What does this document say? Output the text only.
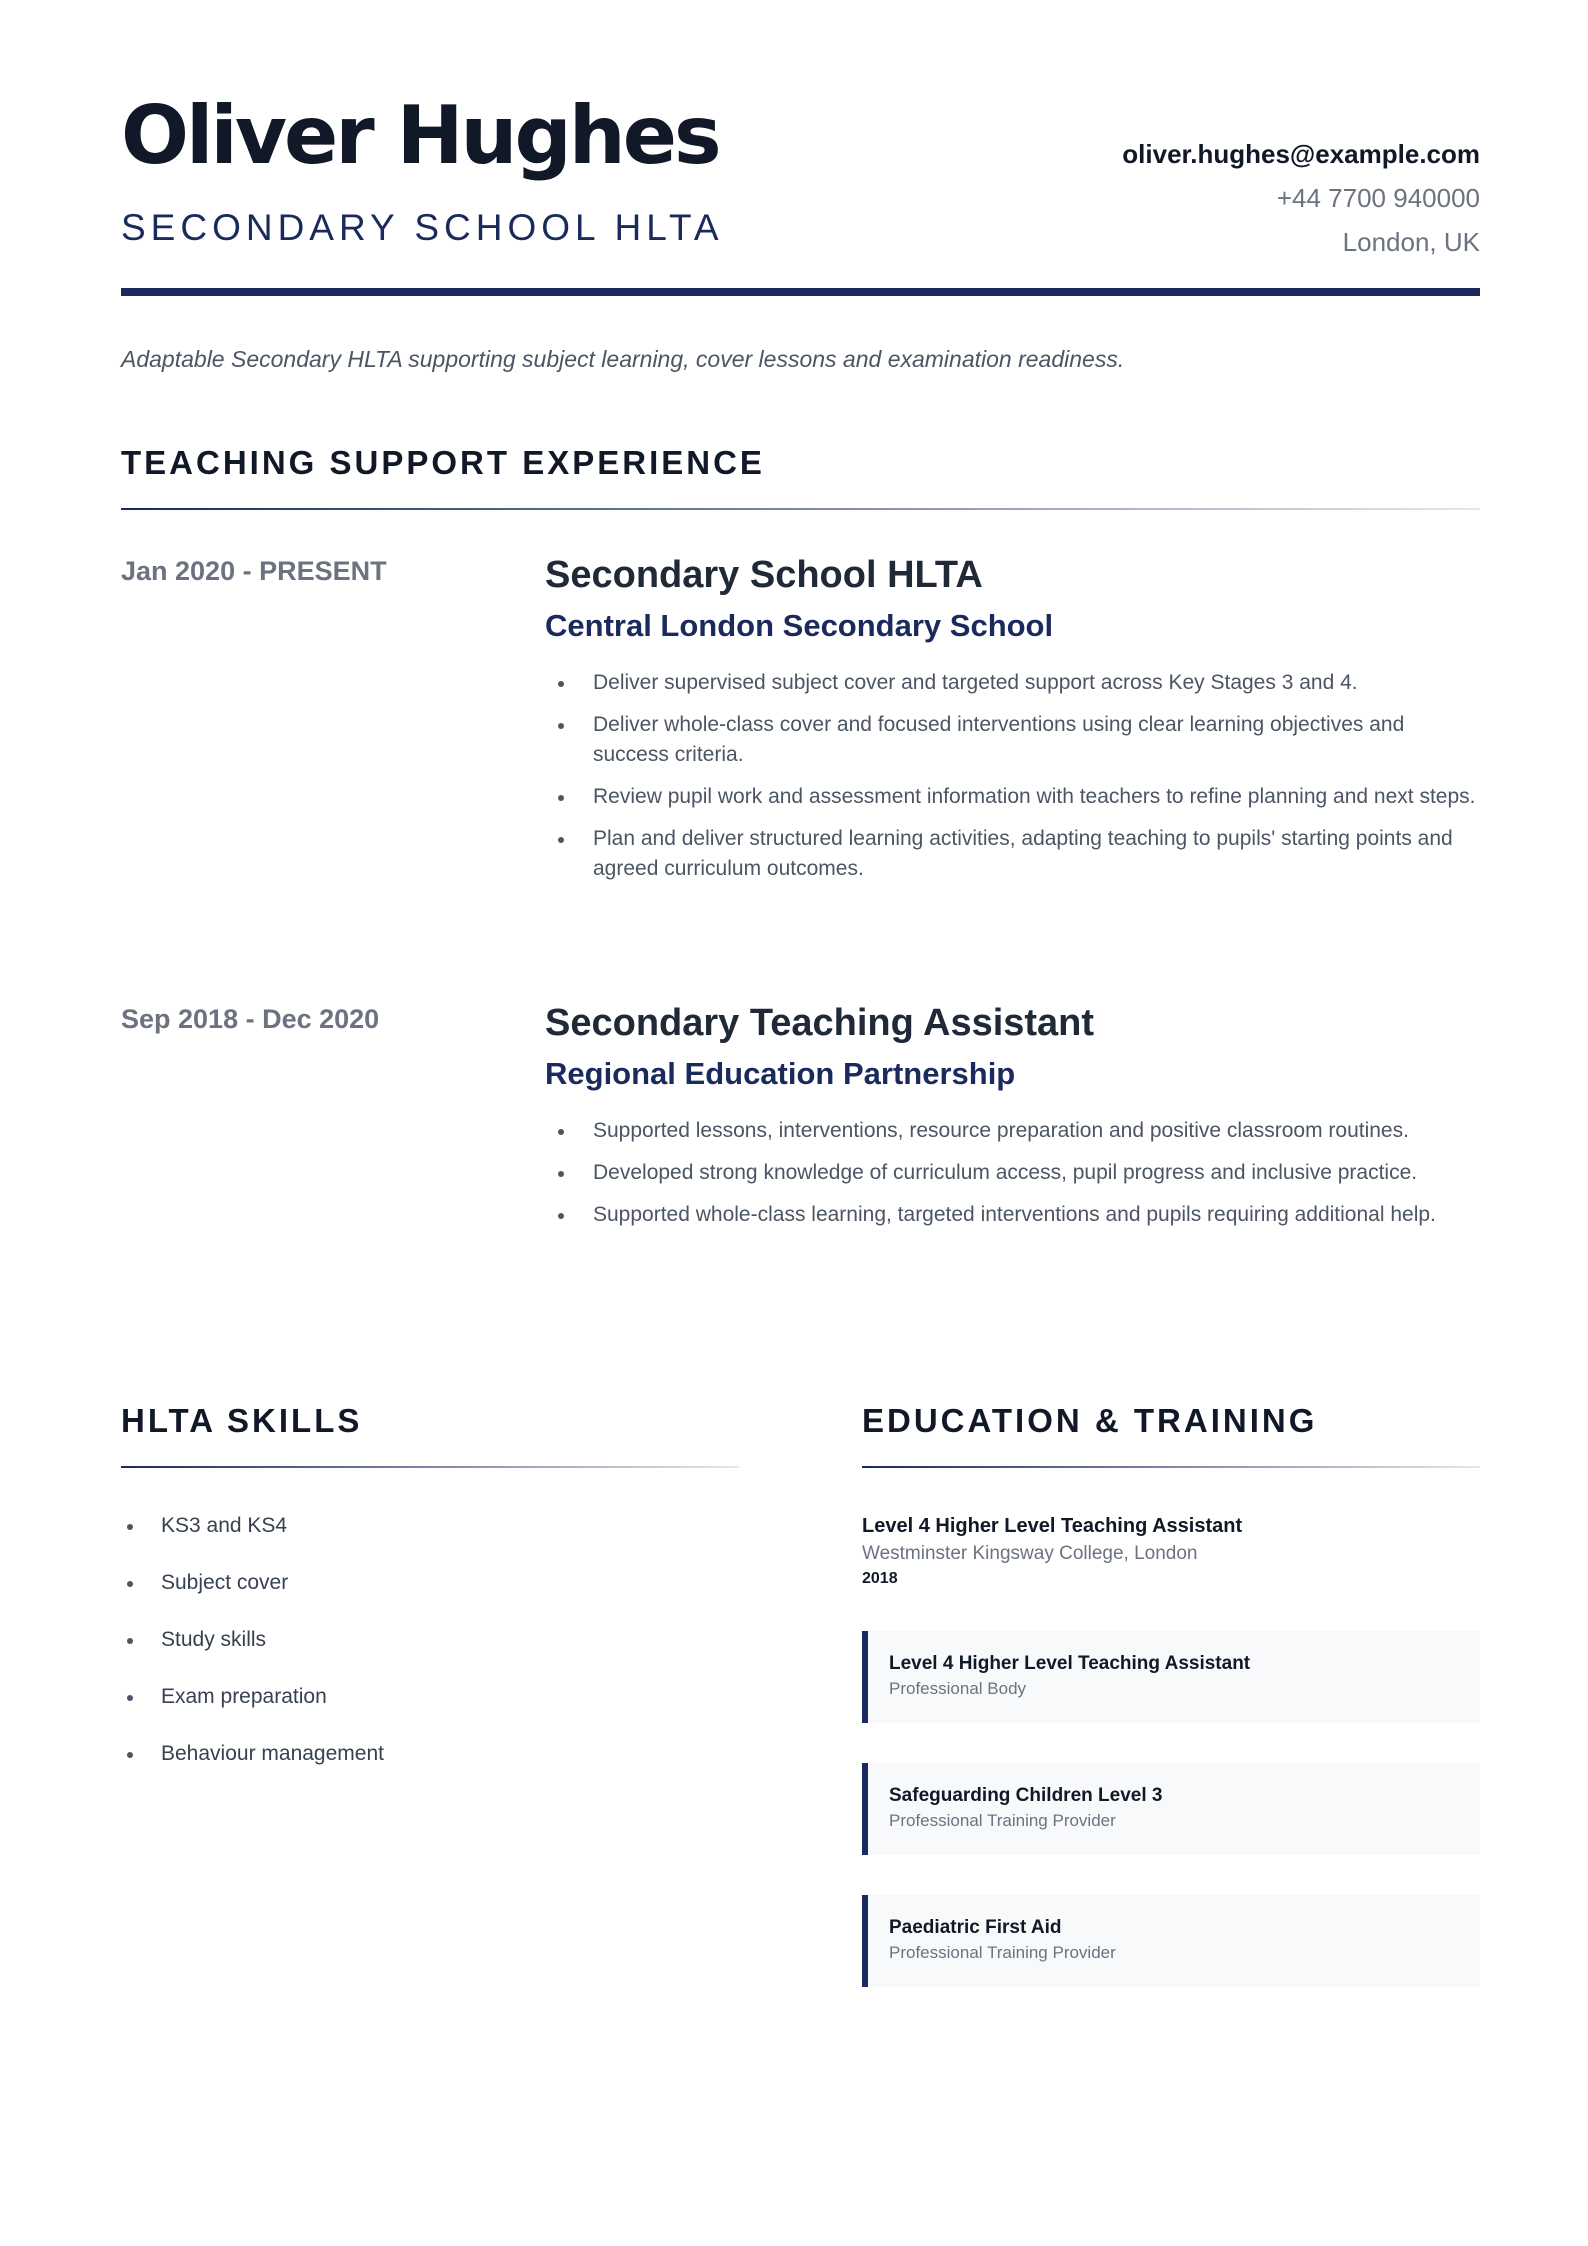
Oliver Hughes
SECONDARY SCHOOL HLTA
oliver.hughes@example.com
+44 7700 940000
London, UK
Adaptable Secondary HLTA supporting subject learning, cover lessons and examination readiness.
TEACHING SUPPORT EXPERIENCE
Jan 2020 - PRESENT	Secondary School HLTA
Central London Secondary School
Deliver supervised subject cover and targeted support across Key Stages 3 and 4.
Deliver whole-class cover and focused interventions using clear learning objectives and success criteria.
Review pupil work and assessment information with teachers to refine planning and next steps.
Plan and deliver structured learning activities, adapting teaching to pupils' starting points and agreed curriculum outcomes.
Sep 2018 - Dec 2020	Secondary Teaching Assistant
Regional Education Partnership
Supported lessons, interventions, resource preparation and positive classroom routines.
Developed strong knowledge of curriculum access, pupil progress and inclusive practice.
Supported whole-class learning, targeted interventions and pupils requiring additional help.
HLTA SKILLS
KS3 and KS4
Subject cover
Study skills
Exam preparation
Behaviour management
EDUCATION & TRAINING
Level 4 Higher Level Teaching Assistant
Westminster Kingsway College, London
2018
Level 4 Higher Level Teaching Assistant
Professional Body
Safeguarding Children Level 3
Professional Training Provider
Paediatric First Aid
Professional Training Provider
